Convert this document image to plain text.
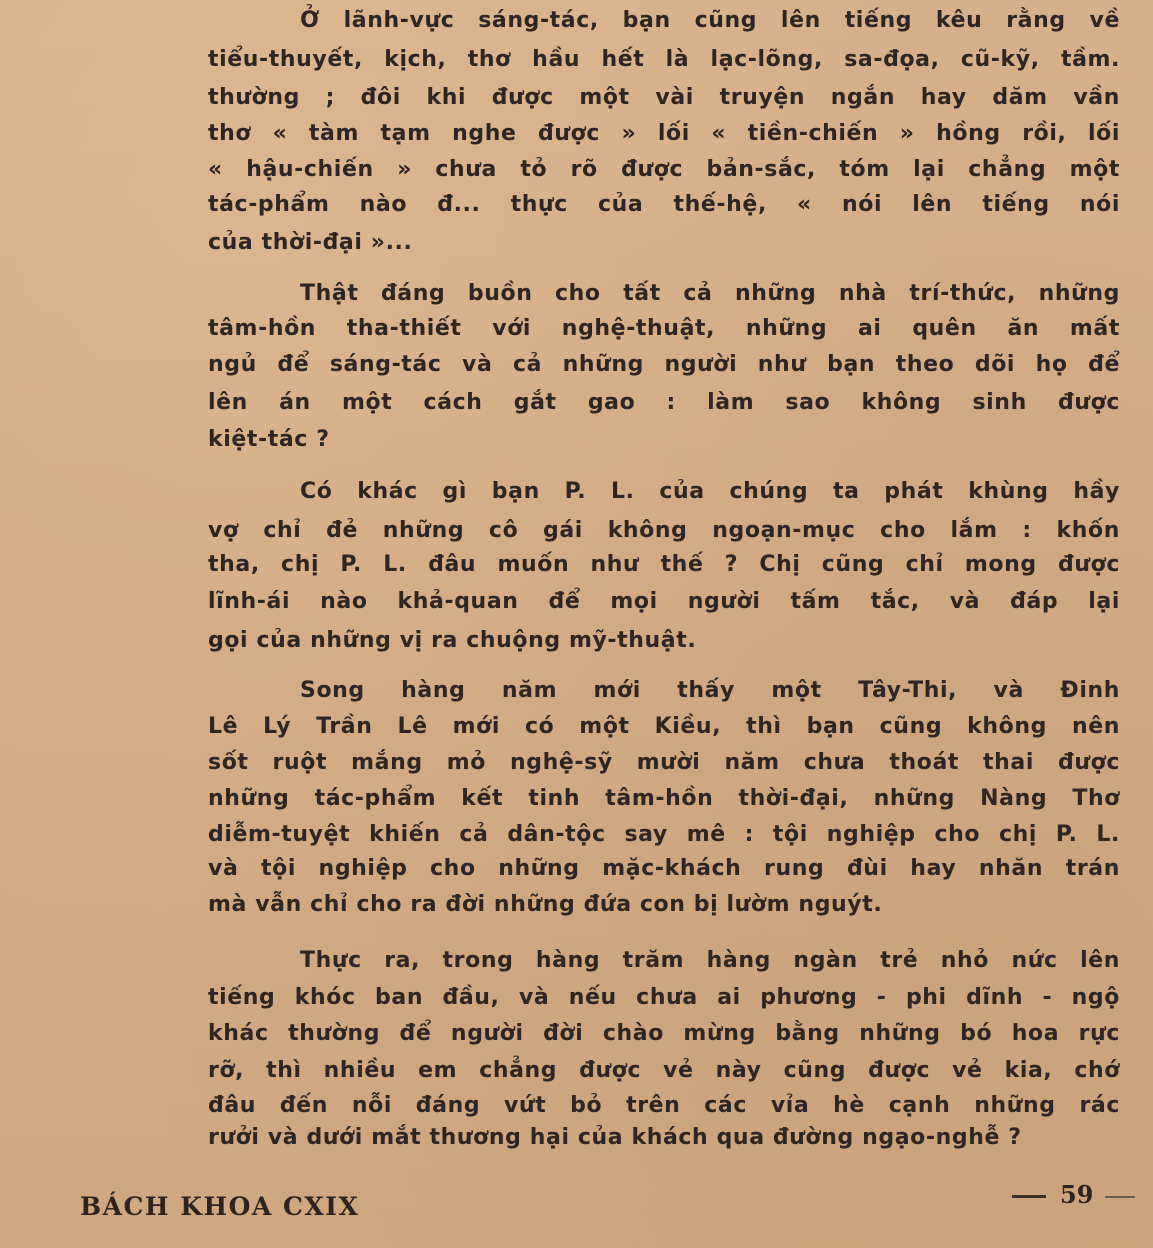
Ở lãnh-vực sáng-tác, bạn cũng lên tiếng kêu rằng về
tiểu-thuyết, kịch, thơ hầu hết là lạc-lõng, sa-đọa, cũ-kỹ, tầm.
thường ; đôi khi được một vài truyện ngắn hay dăm vần
thơ « tàm tạm nghe được » lối « tiền-chiến » hồng rồi, lối
« hậu-chiến » chưa tỏ rõ được bản-sắc, tóm lại chẳng một
tác-phẩm nào đ... thực của thế-hệ, « nói lên tiếng nói
của thời-đại »...
Thật đáng buồn cho tất cả những nhà trí-thức, những
tâm-hồn tha-thiết với nghệ-thuật, những ai quên ăn mất
ngủ để sáng-tác và cả những người như bạn theo dõi họ để
lên án một cách gắt gao : làm sao không sinh được
kiệt-tác ?
Có khác gì bạn P. L. của chúng ta phát khùng hầy
vợ chỉ đẻ những cô gái không ngoạn-mục cho lắm : khốn
tha, chị P. L. đâu muốn như thế ? Chị cũng chỉ mong được
lĩnh-ái nào khả-quan để mọi người tấm tắc, và đáp lại
gọi của những vị ra chuộng mỹ-thuật.
Song hàng năm mới thấy một Tây-Thi, và Đinh
Lê Lý Trần Lê mới có một Kiều, thì bạn cũng không nên
sốt ruột mắng mỏ nghệ-sỹ mười năm chưa thoát thai được
những tác-phẩm kết tinh tâm-hồn thời-đại, những Nàng Thơ
diễm-tuyệt khiến cả dân-tộc say mê : tội nghiệp cho chị P. L.
và tội nghiệp cho những mặc-khách rung đùi hay nhăn trán
mà vẫn chỉ cho ra đời những đứa con bị lườm nguýt.
Thực ra, trong hàng trăm hàng ngàn trẻ nhỏ nức lên
tiếng khóc ban đầu, và nếu chưa ai phương - phi dĩnh - ngộ
khác thường để người đời chào mừng bằng những bó hoa rực
rỡ, thì nhiều em chẳng được vẻ này cũng được vẻ kia, chớ
đâu đến nỗi đáng vứt bỏ trên các vỉa hè cạnh những rác
rưởi và dưới mắt thương hại của khách qua đường ngạo-nghễ ?
BÁCH KHOA CXIX	59
